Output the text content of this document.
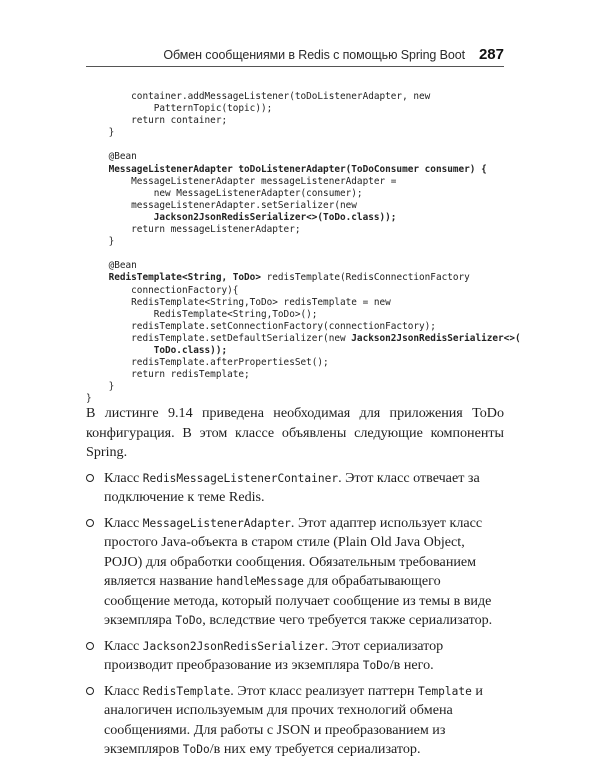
Обмен сообщениями в Redis с помощью Spring Boot 287
container.addMessageListener(toDoListenerAdapter, new
PatternTopic(topic));
return container;
}
@Bean
MessageListenerAdapter toDoListenerAdapter(ToDoConsumer consumer) {
MessageListenerAdapter messageListenerAdapter =
new MessageListenerAdapter(consumer);
messageListenerAdapter.setSerializer(new
Jackson2JsonRedisSerializer<>(ToDo.class));
return messageListenerAdapter;
}
@Bean
RedisTemplate<String, ToDo> redisTemplate(RedisConnectionFactory
connectionFactory){
RedisTemplate<String,ToDo> redisTemplate = new
RedisTemplate<String,ToDo>();
redisTemplate.setConnectionFactory(connectionFactory);
redisTemplate.setDefaultSerializer(new Jackson2JsonRedisSerializer<>(
ToDo.class));
redisTemplate.afterPropertiesSet();
return redisTemplate;
}
}

В листинге 9.14 приведена необходимая для приложения ToDo конфигурация. В этом классе объявлены следующие компоненты Spring.

Класс RedisMessageListenerContainer. Этот класс отвечает за подключение к теме Redis.
Класс MessageListenerAdapter. Этот адаптер использует класс простого Java-объекта в старом стиле (Plain Old Java Object, POJO) для обработки сообщения. Обязательным требованием является название handleMessage для обрабатывающего сообщение метода, который получает сообщение из темы в виде экземпляра ToDo, вследствие чего требуется также сериализатор.
Класс Jackson2JsonRedisSerializer. Этот сериализатор производит преобразование из экземпляра ToDo/в него.
Класс RedisTemplate. Этот класс реализует паттерн Template и аналогичен используемым для прочих технологий обмена сообщениями. Для работы с JSON и преобразованием из экземпляров ToDo/в них ему требуется сериализатор.
